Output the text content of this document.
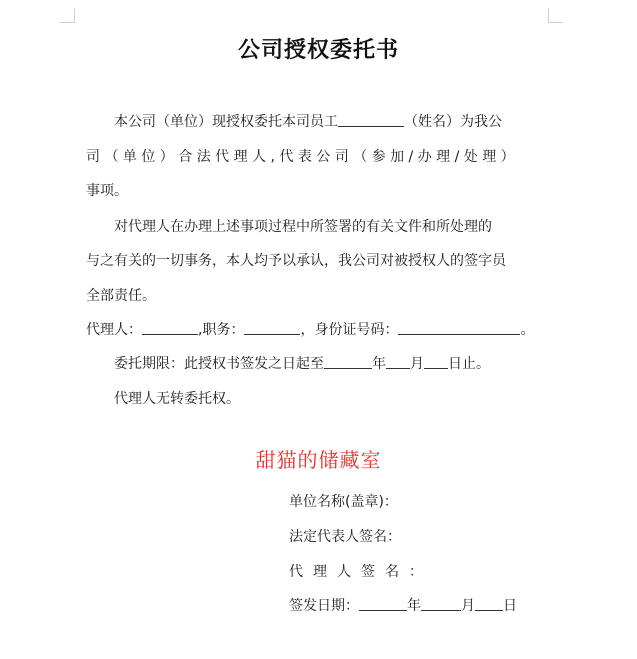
公司授权委托书
本公司（单位）现授权委托本司员工	（姓名）为我公
司 （ 单 位 ） 合 法 代 理 人 , 代 表 公 司 （ 参 加 / 办 理 / 处 理 ）
事项。
对代理人在办理上述事项过程中所签署的有关文件和所处理的
与之有关的一切事务，本人均予以承认，我公司对被授权人的签字员
全部责任。
代理人：	,职务：	，身份证号码：	。
委托期限：此授权书签发之日起至	年 月 日止。
代理人无转委托权。
甜猫的储藏室
单位名称(盖章)：
法定代表人签名：
代理人签名：
签发日期：	年	月 日
